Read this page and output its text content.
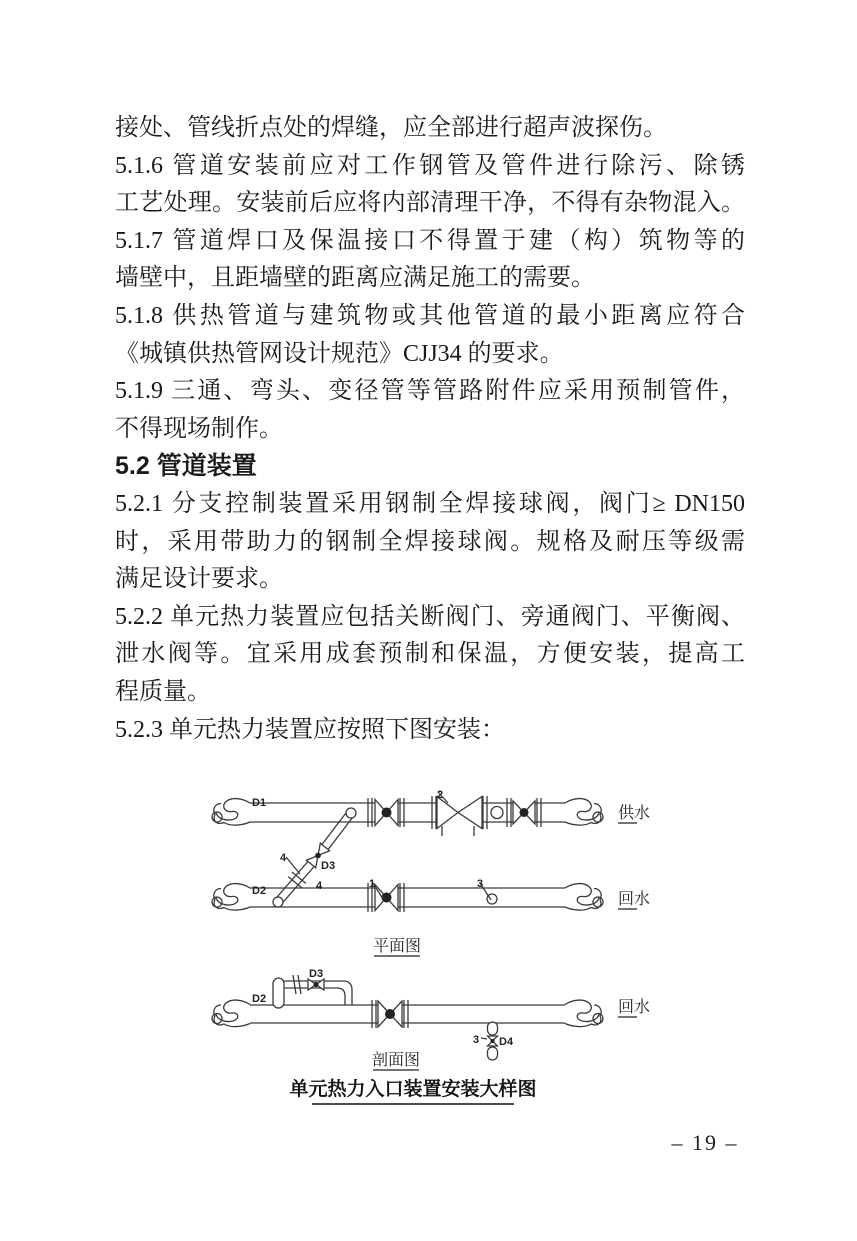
接处、管线折点处的焊缝，应全部进行超声波探伤。
5.1.6 管道安装前应对工作钢管及管件进行除污、除锈
工艺处理。安装前后应将内部清理干净，不得有杂物混入。
5.1.7 管道焊口及保温接口不得置于建（构）筑物等的
墙壁中，且距墙壁的距离应满足施工的需要。
5.1.8 供热管道与建筑物或其他管道的最小距离应符合
《城镇供热管网设计规范》CJJ34 的要求。
5.1.9 三通、弯头、变径管等管路附件应采用预制管件，
不得现场制作。
5.2 管道装置
5.2.1 分支控制装置采用钢制全焊接球阀，阀门≥ DN150
时，采用带助力的钢制全焊接球阀。规格及耐压等级需
满足设计要求。
5.2.2 单元热力装置应包括关断阀门、旁通阀门、平衡阀、
泄水阀等。宜采用成套预制和保温，方便安装，提高工
程质量。
5.2.3 单元热力装置应按照下图安装：
D1
D2
D3
4
4	1
2
3
供水
回水
平面图
D2
D3
3 D4
回水
剖面图
单元热力入口装置安装大样图
– 19 –
